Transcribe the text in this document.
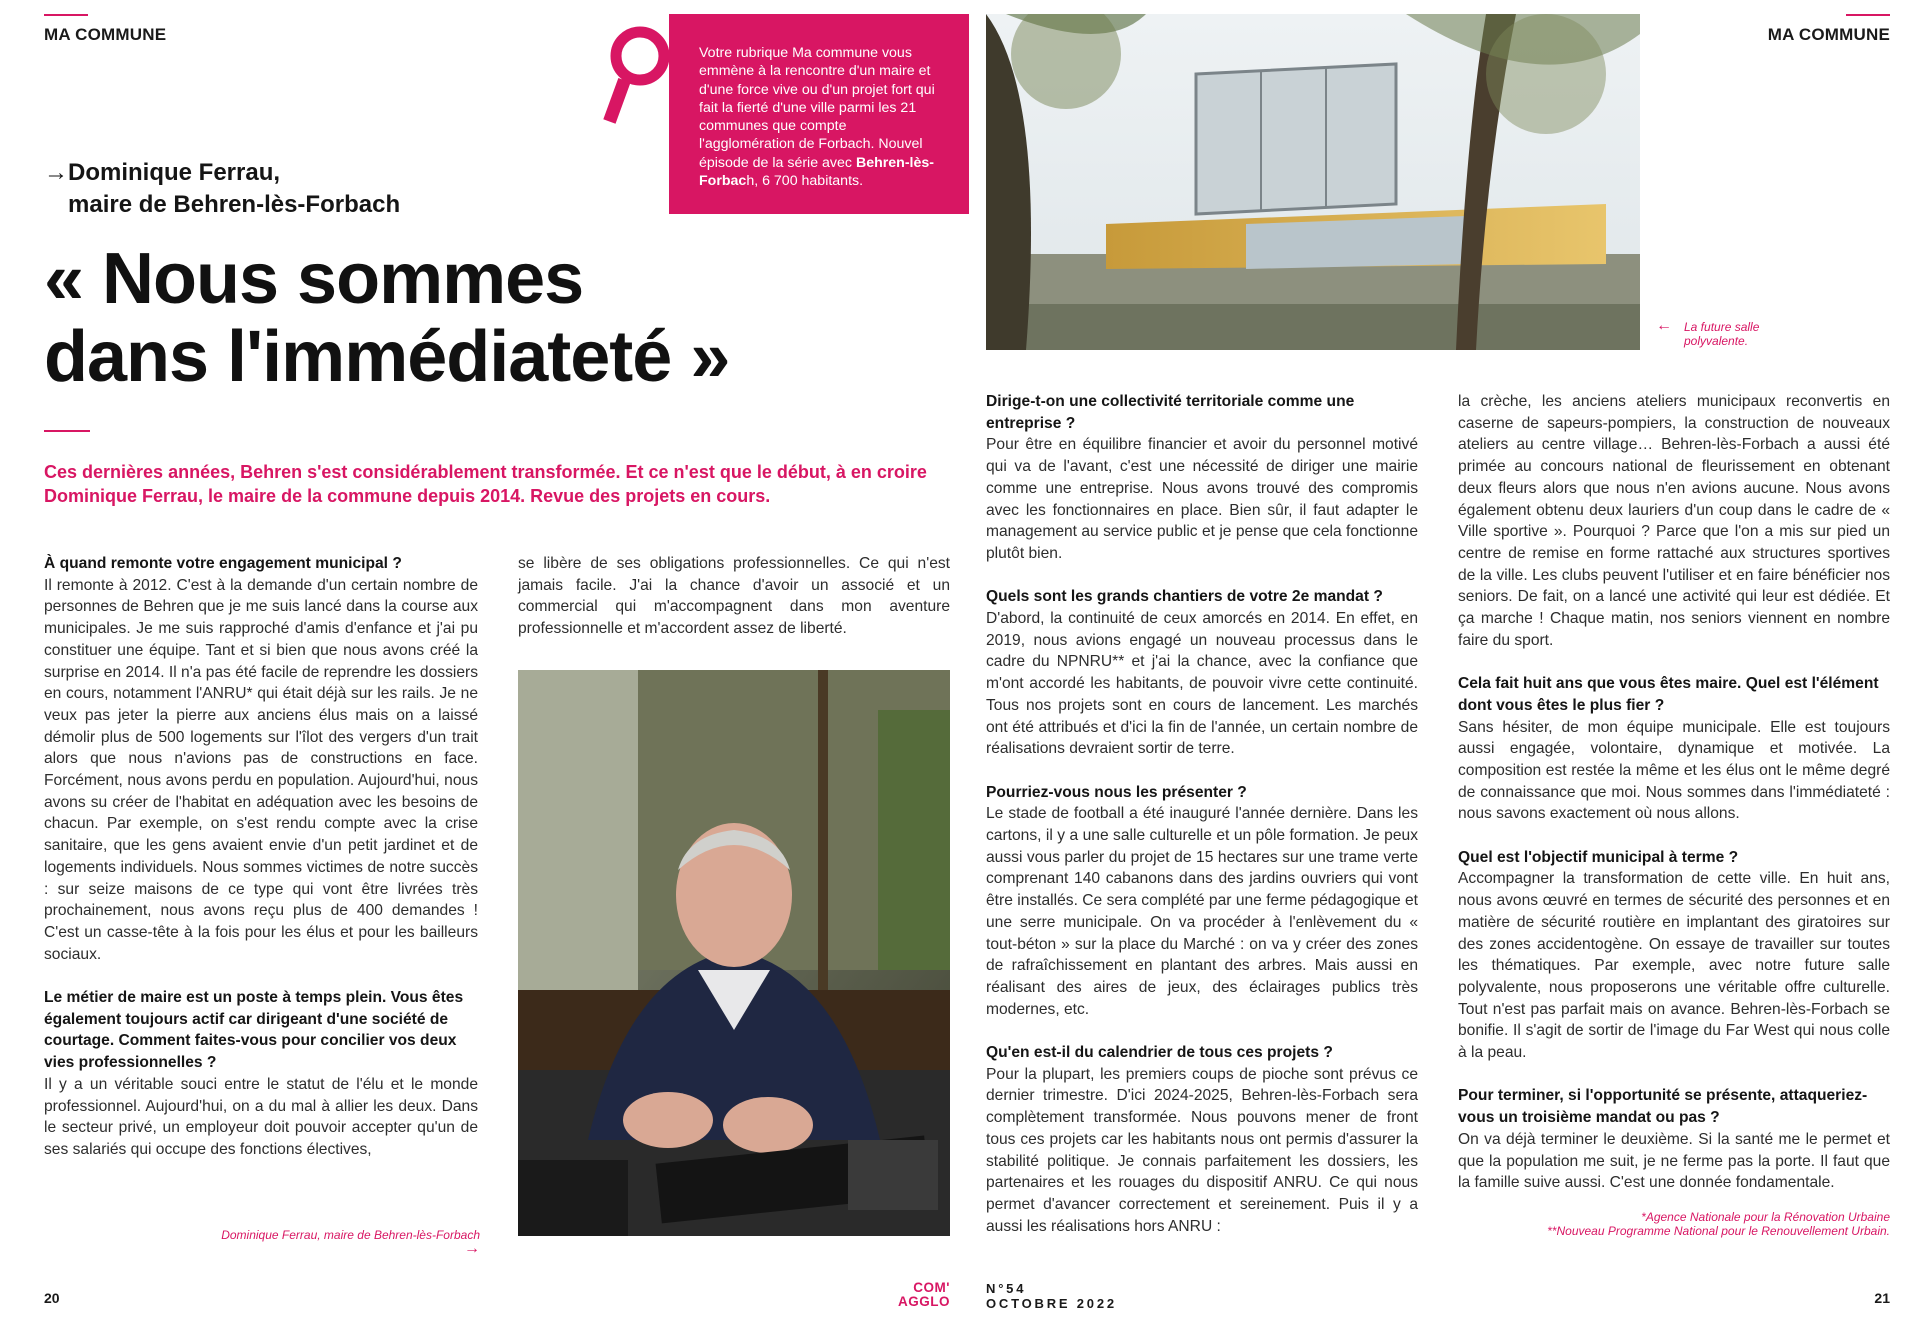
MA COMMUNE
Votre rubrique Ma commune vous emmène à la rencontre d'un maire et d'une force vive ou d'un projet fort qui fait la fierté d'une ville parmi les 21 communes que compte l'agglomération de Forbach. Nouvel épisode de la série avec Behren-lès-Forbach, 6 700 habitants.
→Dominique Ferrau,
maire de Behren-lès-Forbach
« Nous sommes
dans l'immédiateté »
Ces dernières années, Behren s'est considérablement transformée. Et ce n'est que le début, à en croire Dominique Ferrau, le maire de la commune depuis 2014. Revue des projets en cours.

À quand remonte votre engagement municipal ?
Il remonte à 2012. C'est à la demande d'un certain nombre de personnes de Behren que je me suis lancé dans la course aux municipales. Je me suis rapproché d'amis d'enfance et j'ai pu constituer une équipe. Tant et si bien que nous avons créé la surprise en 2014. Il n'a pas été facile de reprendre les dossiers en cours, notamment l'ANRU* qui était déjà sur les rails. Je ne veux pas jeter la pierre aux anciens élus mais on a laissé démolir plus de 500 logements sur l'îlot des vergers d'un trait alors que nous n'avions pas de constructions en face. Forcément, nous avons perdu en population. Aujourd'hui, nous avons su créer de l'habitat en adéquation avec les besoins de chacun. Par exemple, on s'est rendu compte avec la crise sanitaire, que les gens avaient envie d'un petit jardinet et de logements individuels. Nous sommes victimes de notre succès : sur seize maisons de ce type qui vont être livrées très prochainement, nous avons reçu plus de 400 demandes ! C'est un casse-tête à la fois pour les élus et pour les bailleurs sociaux.

Le métier de maire est un poste à temps plein. Vous êtes également toujours actif car dirigeant d'une société de courtage. Comment faites-vous pour concilier vos deux vies professionnelles ?
Il y a un véritable souci entre le statut de l'élu et le monde professionnel. Aujourd'hui, on a du mal à allier les deux. Dans le secteur privé, un employeur doit pouvoir accepter qu'un de ses salariés qui occupe des fonctions électives,

se libère de ses obligations professionnelles. Ce qui n'est jamais facile. J'ai la chance d'avoir un associé et un commercial qui m'accompagnent dans mon aventure professionnelle et m'accordent assez de liberté.

Dominique Ferrau, maire de Behren-lès-Forbach →
20
COM'
AGGLO
← La future salle
polyvalente.
MA COMMUNE

Dirige-t-on une collectivité territoriale comme une entreprise ?
Pour être en équilibre financier et avoir du personnel motivé qui va de l'avant, c'est une nécessité de diriger une mairie comme une entreprise. Nous avons trouvé des compromis avec les fonctionnaires en place. Bien sûr, il faut adapter le management au service public et je pense que cela fonctionne plutôt bien.

Quels sont les grands chantiers de votre 2e mandat ?
D'abord, la continuité de ceux amorcés en 2014. En effet, en 2019, nous avions engagé un nouveau processus dans le cadre du NPNRU** et j'ai la chance, avec la confiance que m'ont accordé les habitants, de pouvoir vivre cette continuité. Tous nos projets sont en cours de lancement. Les marchés ont été attribués et d'ici la fin de l'année, un certain nombre de réalisations devraient sortir de terre.

Pourriez-vous nous les présenter ?
Le stade de football a été inauguré l'année dernière. Dans les cartons, il y a une salle culturelle et un pôle formation. Je peux aussi vous parler du projet de 15 hectares sur une trame verte comprenant 140 cabanons dans des jardins ouvriers qui vont être installés. Ce sera complété par une ferme pédagogique et une serre municipale. On va procéder à l'enlèvement du « tout-béton » sur la place du Marché : on va y créer des zones de rafraîchissement en plantant des arbres. Mais aussi en réalisant des aires de jeux, des éclairages publics très modernes, etc.

Qu'en est-il du calendrier de tous ces projets ?
Pour la plupart, les premiers coups de pioche sont prévus ce dernier trimestre. D'ici 2024-2025, Behren-lès-Forbach sera complètement transformée. Nous pouvons mener de front tous ces projets car les habitants nous ont permis d'assurer la stabilité politique. Je connais parfaitement les dossiers, les partenaires et les rouages du dispositif ANRU. Ce qui nous permet d'avancer correctement et sereinement. Puis il y a aussi les réalisations hors ANRU :

la crèche, les anciens ateliers municipaux reconvertis en caserne de sapeurs-pompiers, la construction de nouveaux ateliers au centre village… Behren-lès-Forbach a aussi été primée au concours national de fleurissement en obtenant deux fleurs alors que nous n'en avions aucune. Nous avons également obtenu deux lauriers d'un coup dans le cadre de « Ville sportive ». Pourquoi ? Parce que l'on a mis sur pied un centre de remise en forme rattaché aux structures sportives de la ville. Les clubs peuvent l'utiliser et en faire bénéficier nos seniors. De fait, on a lancé une activité qui leur est dédiée. Et ça marche ! Chaque matin, nos seniors viennent en nombre faire du sport.

Cela fait huit ans que vous êtes maire. Quel est l'élément dont vous êtes le plus fier ?
Sans hésiter, de mon équipe municipale. Elle est toujours aussi engagée, volontaire, dynamique et motivée. La composition est restée la même et les élus ont le même degré de connaissance que moi. Nous sommes dans l'immédiateté : nous savons exactement où nous allons.

Quel est l'objectif municipal à terme ?
Accompagner la transformation de cette ville. En huit ans, nous avons œuvré en termes de sécurité des personnes et en matière de sécurité routière en implantant des giratoires sur des zones accidentogène. On essaye de travailler sur toutes les thématiques. Par exemple, avec notre future salle polyvalente, nous proposerons une véritable offre culturelle. Tout n'est pas parfait mais on avance. Behren-lès-Forbach se bonifie. Il s'agit de sortir de l'image du Far West qui nous colle à la peau.

Pour terminer, si l'opportunité se présente, attaqueriez-vous un troisième mandat ou pas ?
On va déjà terminer le deuxième. Si la santé me le permet et que la population me suit, je ne ferme pas la porte. Il faut que la famille suive aussi. C'est une donnée fondamentale.

*Agence Nationale pour la Rénovation Urbaine
**Nouveau Programme National pour le Renouvellement Urbain.
N°54
OCTOBRE 2022	21
